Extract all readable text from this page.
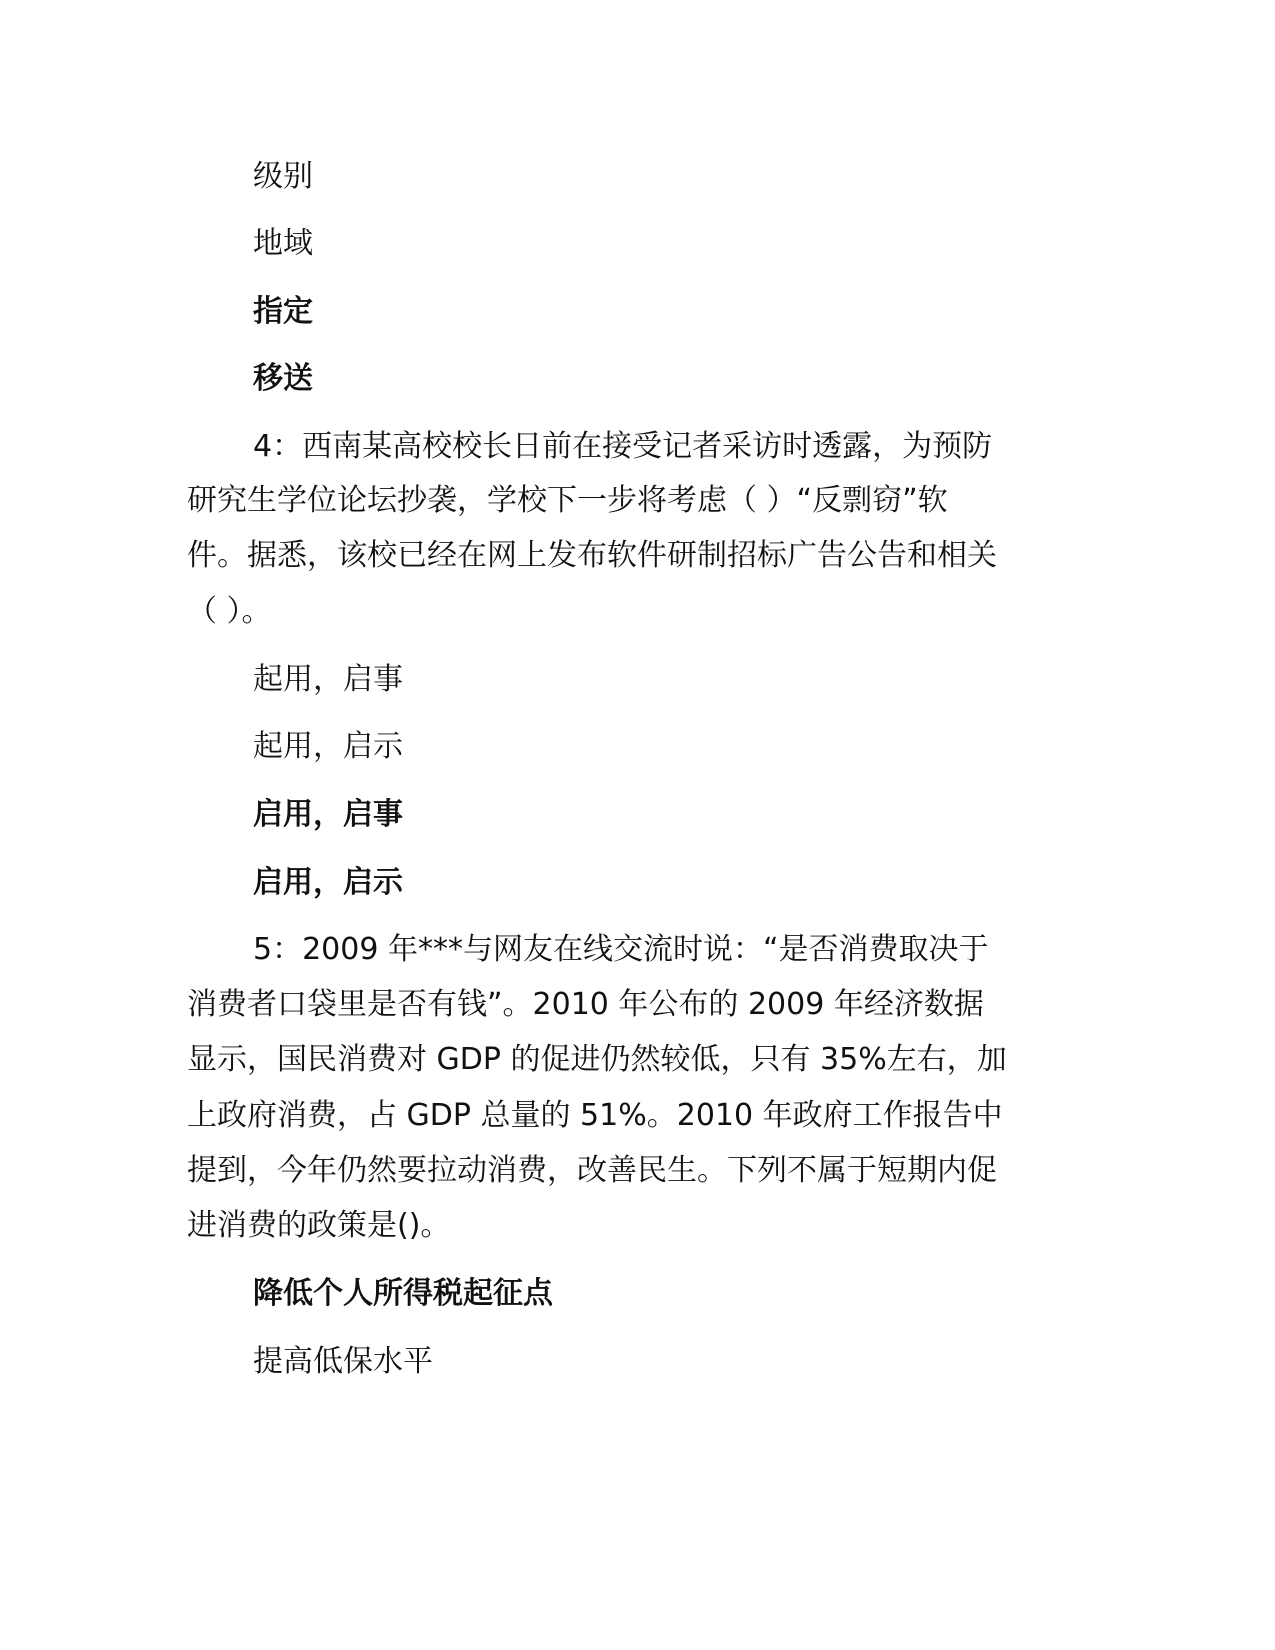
级别
地域
指定
移送
4：西南某高校校长日前在接受记者采访时透露，为预防
研究生学位论坛抄袭，学校下一步将考虑（ ）“反剽窃”软
件。据悉，该校已经在网上发布软件研制招标广告公告和相关
（ ）。
起用，启事
起用，启示
启用，启事
启用，启示
5：2009 年***与网友在线交流时说：“是否消费取决于
消费者口袋里是否有钱”。2010 年公布的 2009 年经济数据
显示，国民消费对 GDP 的促进仍然较低，只有 35%左右，加
上政府消费，占 GDP 总量的 51%。2010 年政府工作报告中
提到，今年仍然要拉动消费，改善民生。下列不属于短期内促
进消费的政策是()。
降低个人所得税起征点
提高低保水平
